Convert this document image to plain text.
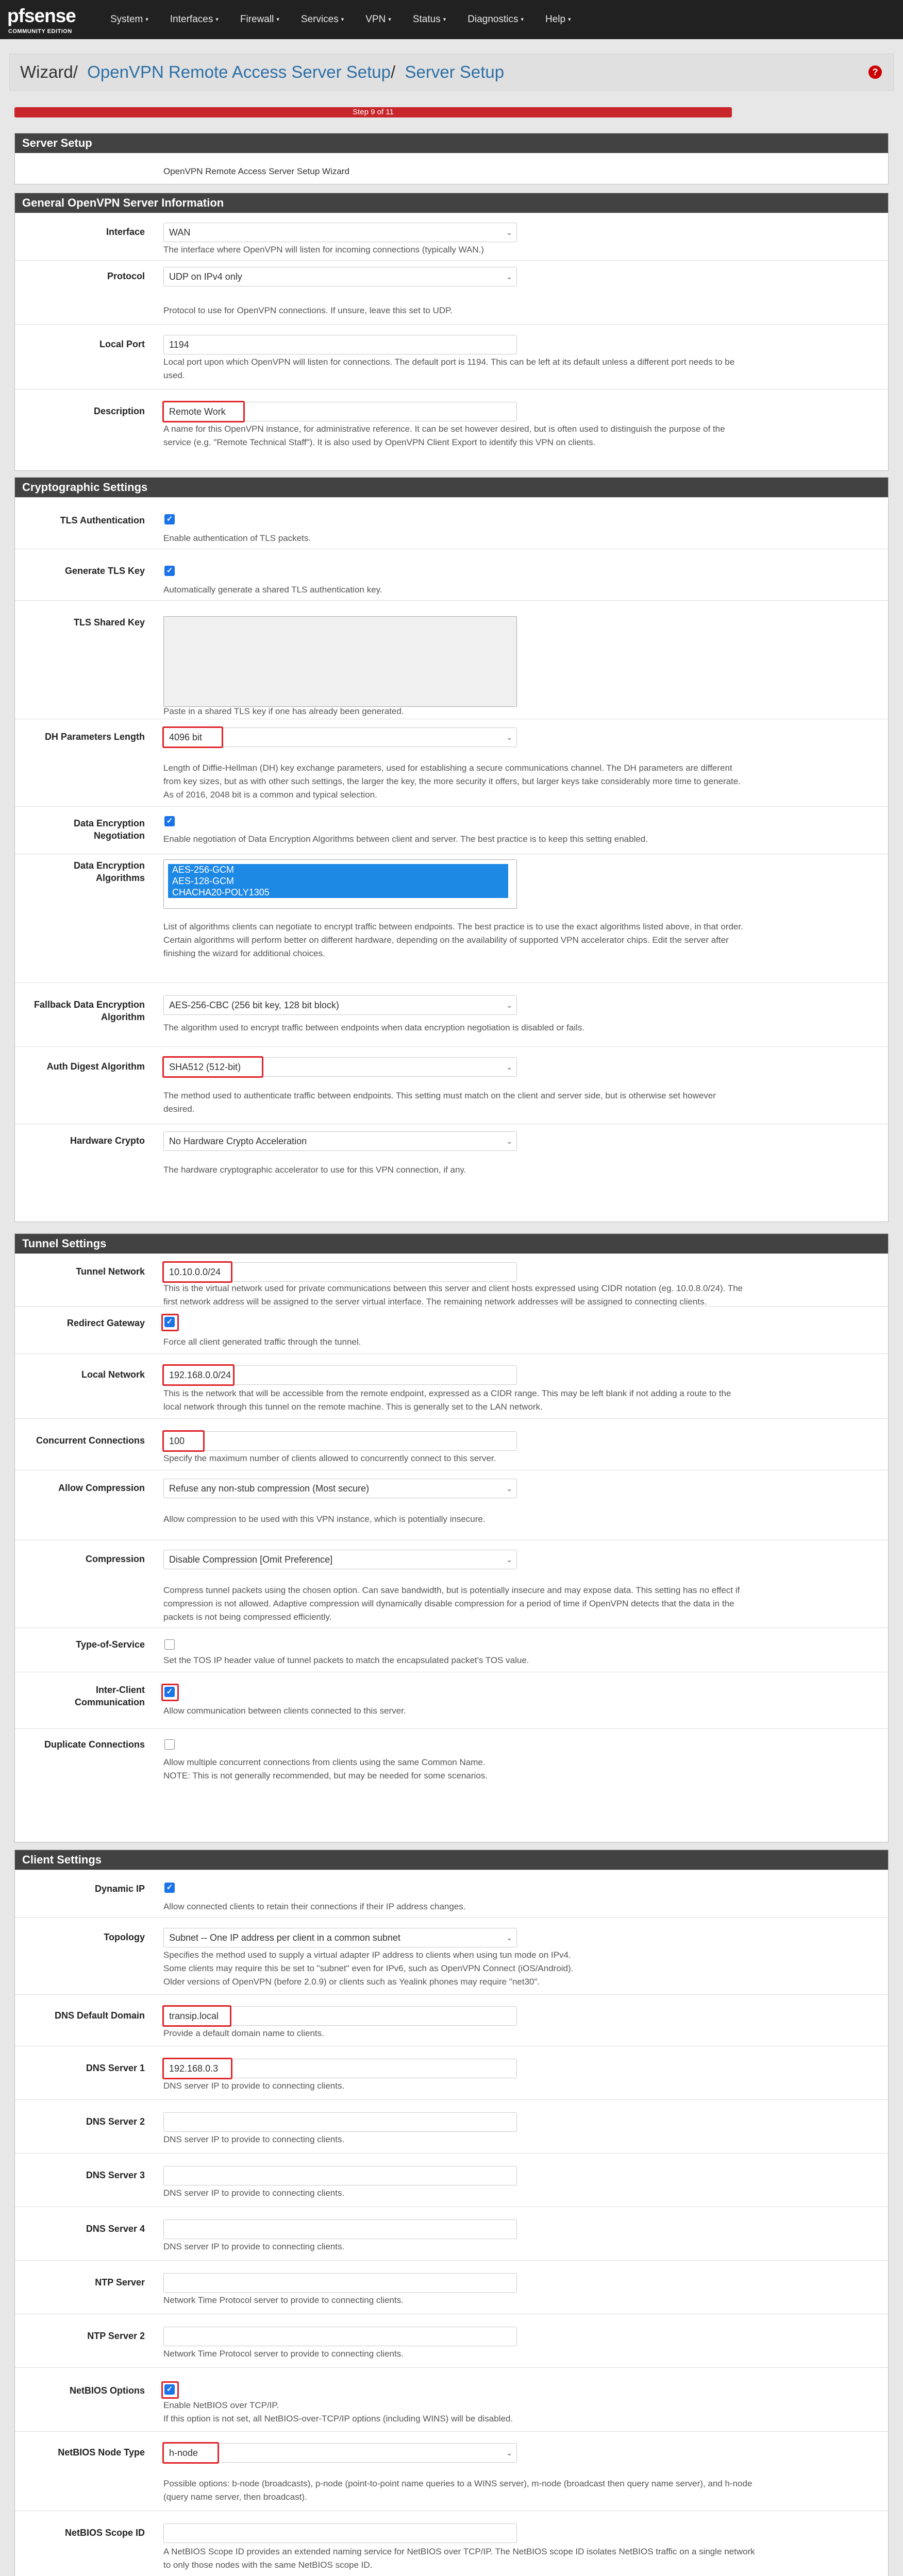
pfsense
COMMUNITY EDITION
System ▾ Interfaces ▾ Firewall ▾ Services ▾ VPN ▾ Status ▾ Diagnostics ▾ Help ▾
Wizard/ OpenVPN Remote Access Server Setup/ Server Setup	?
Step 9 of 11
Server Setup
OpenVPN Remote Access Server Setup Wizard
General OpenVPN Server Information
Interface	WAN	⌄
The interface where OpenVPN will listen for incoming connections (typically WAN.)
Protocol	UDP on IPv4 only	⌄
Protocol to use for OpenVPN connections. If unsure, leave this set to UDP.
Local Port	1194
Local port upon which OpenVPN will listen for connections. The default port is 1194. This can be left at its default unless a different port needs to be
used.
Description	Remote Work
A name for this OpenVPN instance, for administrative reference. It can be set however desired, but is often used to distinguish the purpose of the
service (e.g. "Remote Technical Staff"). It is also used by OpenVPN Client Export to identify this VPN on clients.
Cryptographic Settings
TLS Authentication	✓
Enable authentication of TLS packets.
Generate TLS Key	✓
Automatically generate a shared TLS authentication key.
TLS Shared Key
Paste in a shared TLS key if one has already been generated.
DH Parameters Length	4096 bit	⌄
Length of Diffie-Hellman (DH) key exchange parameters, used for establishing a secure communications channel. The DH parameters are different
from key sizes, but as with other such settings, the larger the key, the more security it offers, but larger keys take considerably more time to generate.
As of 2016, 2048 bit is a common and typical selection.
Data Encryption
Negotiation
✓
Enable negotiation of Data Encryption Algorithms between client and server. The best practice is to keep this setting enabled.
Data Encryption
Algorithms
AES-256-GCM
AES-128-GCM
CHACHA20-POLY1305
List of algorithms clients can negotiate to encrypt traffic between endpoints. The best practice is to use the exact algorithms listed above, in that order.
Certain algorithms will perform better on different hardware, depending on the availability of supported VPN accelerator chips. Edit the server after
finishing the wizard for additional choices.
Fallback Data Encryption
Algorithm
AES-256-CBC (256 bit key, 128 bit block)	⌄
The algorithm used to encrypt traffic between endpoints when data encryption negotiation is disabled or fails.
Auth Digest Algorithm	SHA512 (512-bit)	⌄
The method used to authenticate traffic between endpoints. This setting must match on the client and server side, but is otherwise set however
desired.
Hardware Crypto	No Hardware Crypto Acceleration	⌄
The hardware cryptographic accelerator to use for this VPN connection, if any.
Tunnel Settings
Tunnel Network	10.10.0.0/24
This is the virtual network used for private communications between this server and client hosts expressed using CIDR notation (eg. 10.0.8.0/24). The
first network address will be assigned to the server virtual interface. The remaining network addresses will be assigned to connecting clients.
Redirect Gateway	✓
Force all client generated traffic through the tunnel.
Local Network	192.168.0.0/24
This is the network that will be accessible from the remote endpoint, expressed as a CIDR range. This may be left blank if not adding a route to the
local network through this tunnel on the remote machine. This is generally set to the LAN network.
Concurrent Connections	100
Specify the maximum number of clients allowed to concurrently connect to this server.
Allow Compression	Refuse any non-stub compression (Most secure)	⌄
Allow compression to be used with this VPN instance, which is potentially insecure.
Compression	Disable Compression [Omit Preference]	⌄
Compress tunnel packets using the chosen option. Can save bandwidth, but is potentially insecure and may expose data. This setting has no effect if
compression is not allowed. Adaptive compression will dynamically disable compression for a period of time if OpenVPN detects that the data in the
packets is not being compressed efficiently.
Type-of-Service
Set the TOS IP header value of tunnel packets to match the encapsulated packet's TOS value.
Inter-Client
Communication
✓
Allow communication between clients connected to this server.
Duplicate Connections
Allow multiple concurrent connections from clients using the same Common Name.
NOTE: This is not generally recommended, but may be needed for some scenarios.
Client Settings
Dynamic IP	✓
Allow connected clients to retain their connections if their IP address changes.
Topology	Subnet -- One IP address per client in a common subnet	⌄
Specifies the method used to supply a virtual adapter IP address to clients when using tun mode on IPv4.
Some clients may require this be set to "subnet" even for IPv6, such as OpenVPN Connect (iOS/Android).
Older versions of OpenVPN (before 2.0.9) or clients such as Yealink phones may require "net30".
DNS Default Domain	transip.local
Provide a default domain name to clients.
DNS Server 1	192.168.0.3
DNS server IP to provide to connecting clients.
DNS Server 2
DNS server IP to provide to connecting clients.
DNS Server 3
DNS server IP to provide to connecting clients.
DNS Server 4
DNS server IP to provide to connecting clients.
NTP Server
Network Time Protocol server to provide to connecting clients.
NTP Server 2
Network Time Protocol server to provide to connecting clients.
NetBIOS Options	✓
Enable NetBIOS over TCP/IP.
If this option is not set, all NetBIOS-over-TCP/IP options (including WINS) will be disabled.
NetBIOS Node Type	h-node	⌄
Possible options: b-node (broadcasts), p-node (point-to-point name queries to a WINS server), m-node (broadcast then query name server), and h-node
(query name server, then broadcast).
NetBIOS Scope ID
A NetBIOS Scope ID provides an extended naming service for NetBIOS over TCP/IP. The NetBIOS scope ID isolates NetBIOS traffic on a single network
to only those nodes with the same NetBIOS scope ID.
